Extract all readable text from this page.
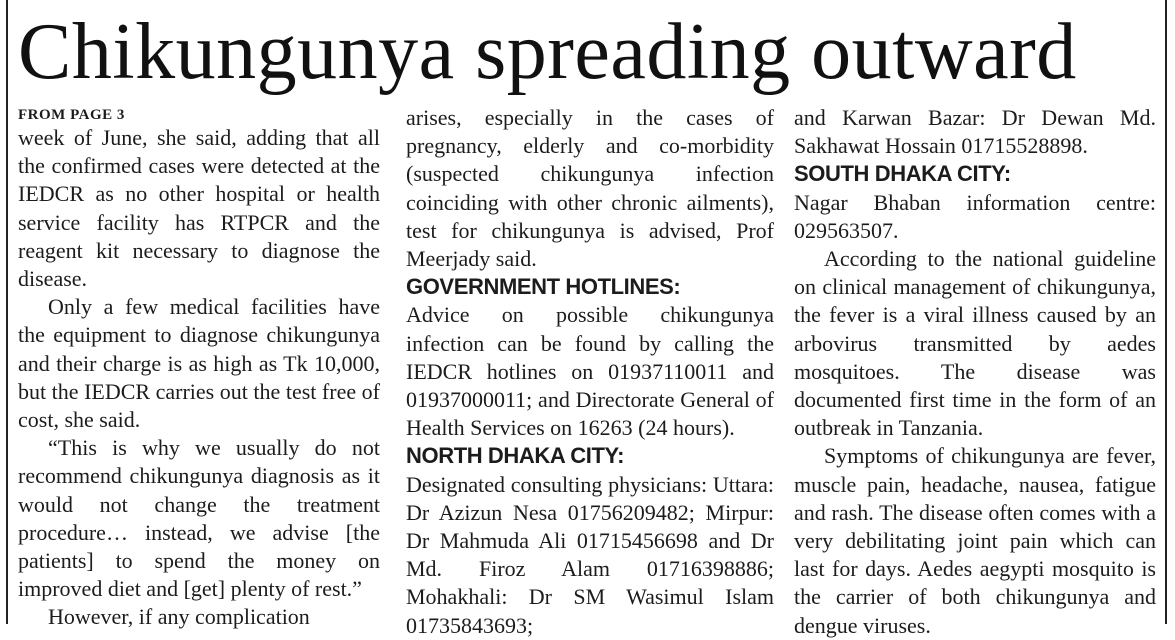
Chikungunya spreading outward
FROM PAGE 3

week of June, she said, adding that all the confirmed cases were detected at the IEDCR as no other hospital or health service facility has RTPCR and the reagent kit necessary to diagnose the disease.

Only a few medical facilities have the equipment to diagnose chikungunya and their charge is as high as Tk 10,000, but the IEDCR carries out the test free of cost, she said.

“This is why we usually do not recommend chikungunya diagnosis as it would not change the treatment procedure… instead, we advise [the patients] to spend the money on improved diet and [get] plenty of rest.”

However, if any complication

arises, especially in the cases of pregnancy, elderly and co-morbidity (suspected chikungunya infection coinciding with other chronic ailments), test for chikungunya is advised, Prof Meerjady said.

GOVERNMENT HOTLINES:

Advice on possible chikungunya infection can be found by calling the IEDCR hotlines on 01937110011 and 01937000011; and Directorate General of Health Services on 16263 (24 hours).

NORTH DHAKA CITY:

Designated consulting physicians: Uttara: Dr Azizun Nesa 01756209482; Mirpur: Dr Mahmuda Ali 01715456698 and Dr Md. Firoz Alam 01716398886; Mohakhali: Dr SM Wasimul Islam 01735843693;

and Karwan Bazar: Dr Dewan Md. Sakhawat Hossain 01715528898.

SOUTH DHAKA CITY:

Nagar Bhaban information centre: 029563507.

According to the national guideline on clinical management of chikungunya, the fever is a viral illness caused by an arbovirus transmitted by aedes mosquitoes. The disease was documented first time in the form of an outbreak in Tanzania.

Symptoms of chikungunya are fever, muscle pain, headache, nausea, fatigue and rash. The disease often comes with a very debilitating joint pain which can last for days. Aedes aegypti mosquito is the carrier of both chikungunya and dengue viruses.
